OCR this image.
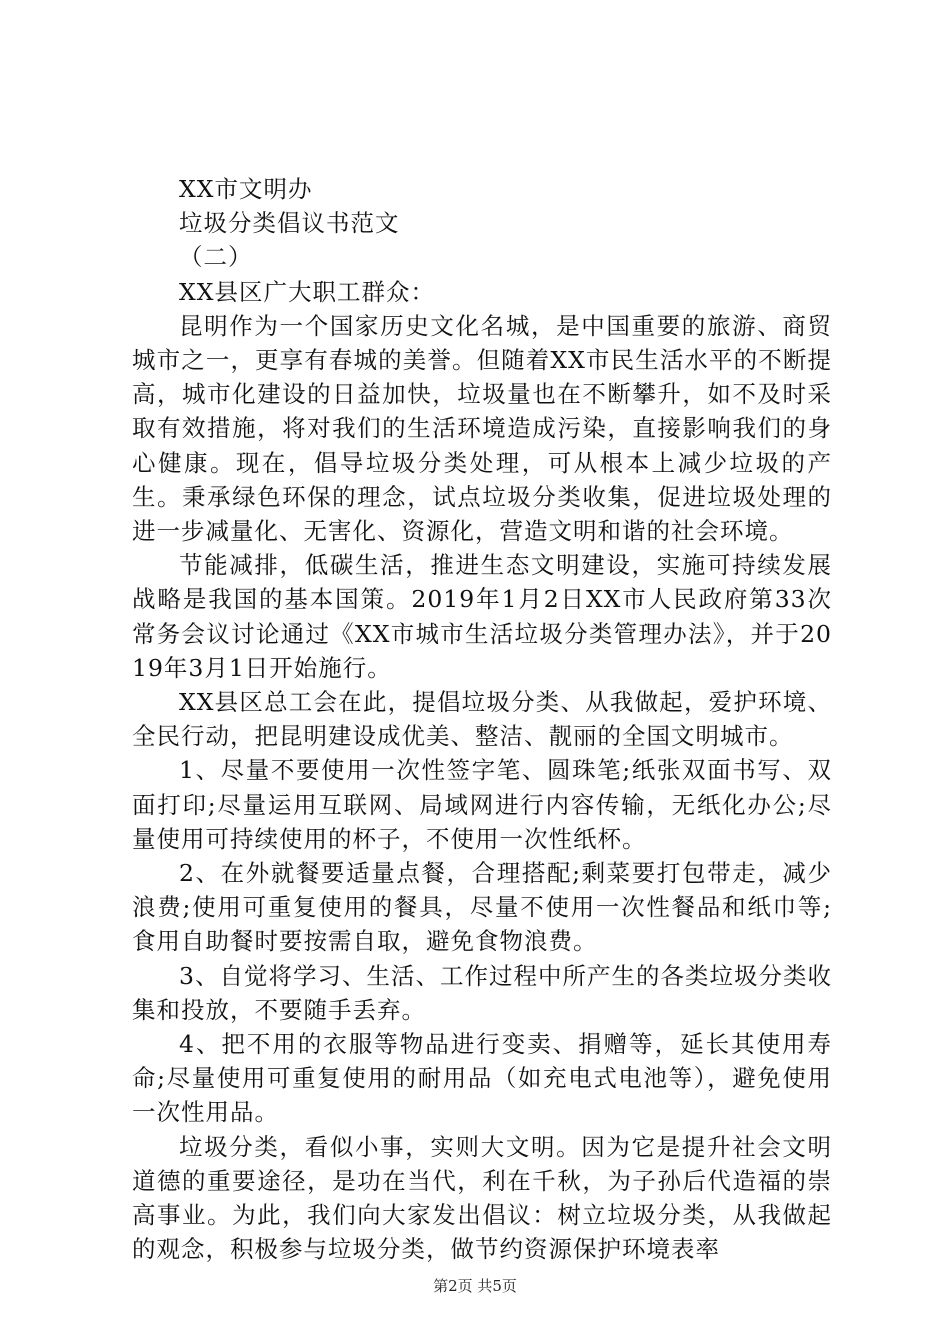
XX市文明办
垃圾分类倡议书范文
（二）
XX县区广大职工群众：
昆明作为一个国家历史文化名城，是中国重要的旅游、商贸城市之一，更享有春城的美誉。但随着XX市民生活水平的不断提高，城市化建设的日益加快，垃圾量也在不断攀升，如不及时采取有效措施，将对我们的生活环境造成污染，直接影响我们的身心健康。现在，倡导垃圾分类处理，可从根本上减少垃圾的产生。秉承绿色环保的理念，试点垃圾分类收集，促进垃圾处理的进一步减量化、无害化、资源化，营造文明和谐的社会环境。
节能减排，低碳生活，推进生态文明建设，实施可持续发展战略是我国的基本国策。2019年1月2日XX市人民政府第33次常务会议讨论通过《XX市城市生活垃圾分类管理办法》，并于2019年3月1日开始施行。
XX县区总工会在此，提倡垃圾分类、从我做起，爱护环境、全民行动，把昆明建设成优美、整洁、靓丽的全国文明城市。
1、尽量不要使用一次性签字笔、圆珠笔;纸张双面书写、双面打印;尽量运用互联网、局域网进行内容传输，无纸化办公;尽量使用可持续使用的杯子，不使用一次性纸杯。
2、在外就餐要适量点餐，合理搭配;剩菜要打包带走，减少浪费;使用可重复使用的餐具，尽量不使用一次性餐品和纸巾等;食用自助餐时要按需自取，避免食物浪费。
3、自觉将学习、生活、工作过程中所产生的各类垃圾分类收集和投放，不要随手丢弃。
4、把不用的衣服等物品进行变卖、捐赠等，延长其使用寿命;尽量使用可重复使用的耐用品（如充电式电池等），避免使用一次性用品。
垃圾分类，看似小事，实则大文明。因为它是提升社会文明道德的重要途径，是功在当代，利在千秋，为子孙后代造福的崇高事业。为此，我们向大家发出倡议：树立垃圾分类，从我做起的观念，积极参与垃圾分类，做节约资源保护环境表率
第2页 共5页
